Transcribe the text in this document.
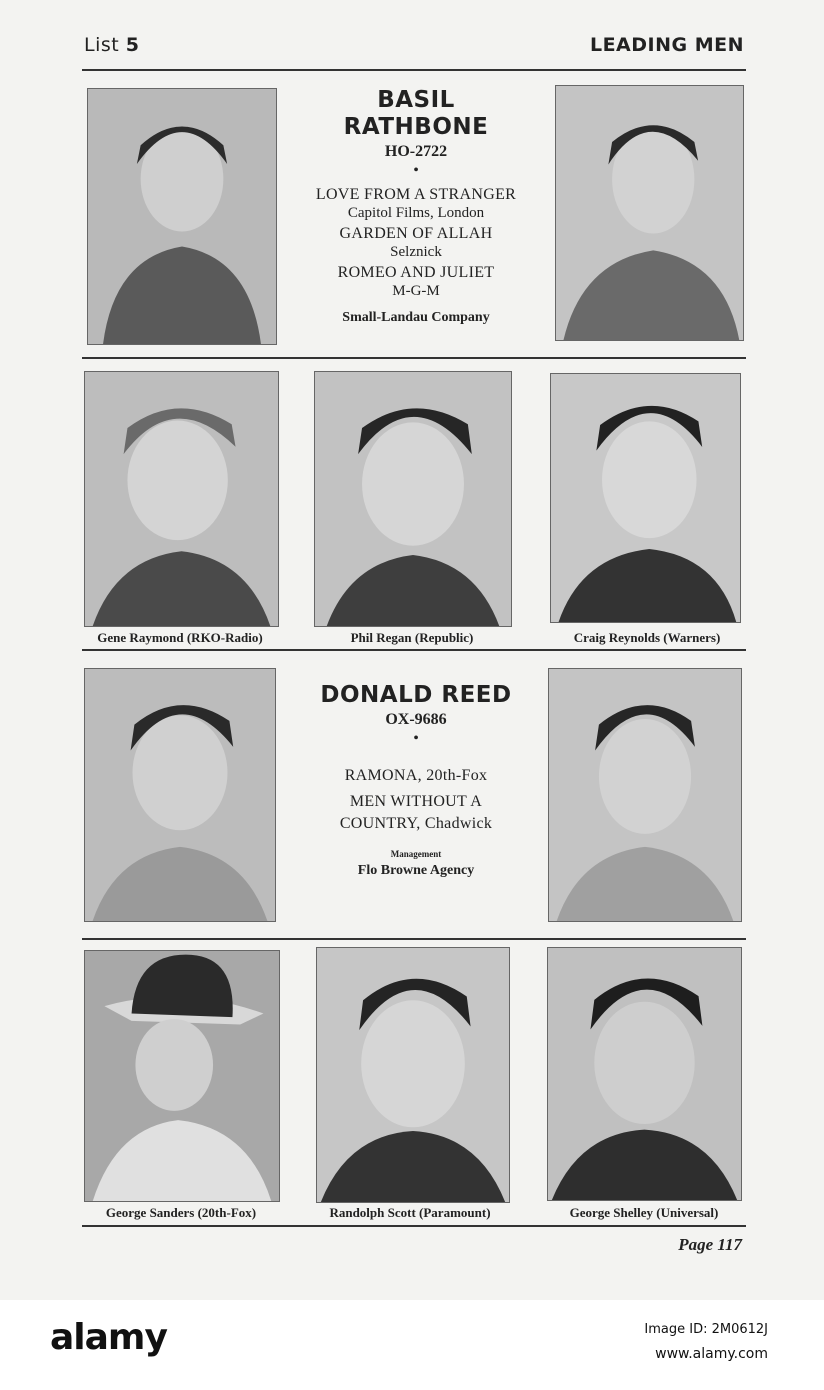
List 5	LEADING MEN
BASIL
RATHBONE
HO-2722
•
LOVE FROM A STRANGER
Capitol Films, London
GARDEN OF ALLAH
Selznick
ROMEO AND JULIET
M-G-M
Small-Landau Company
Gene Raymond (RKO-Radio)	Phil Regan (Republic)	Craig Reynolds (Warners)
DONALD REED
OX-9686
•
RAMONA, 20th-Fox
MEN WITHOUT A
COUNTRY, Chadwick
Management
Flo Browne Agency
George Sanders (20th-Fox)	Randolph Scott (Paramount)	George Shelley (Universal)
Page 117
alamy	Image ID: 2M0612J
www.alamy.com
